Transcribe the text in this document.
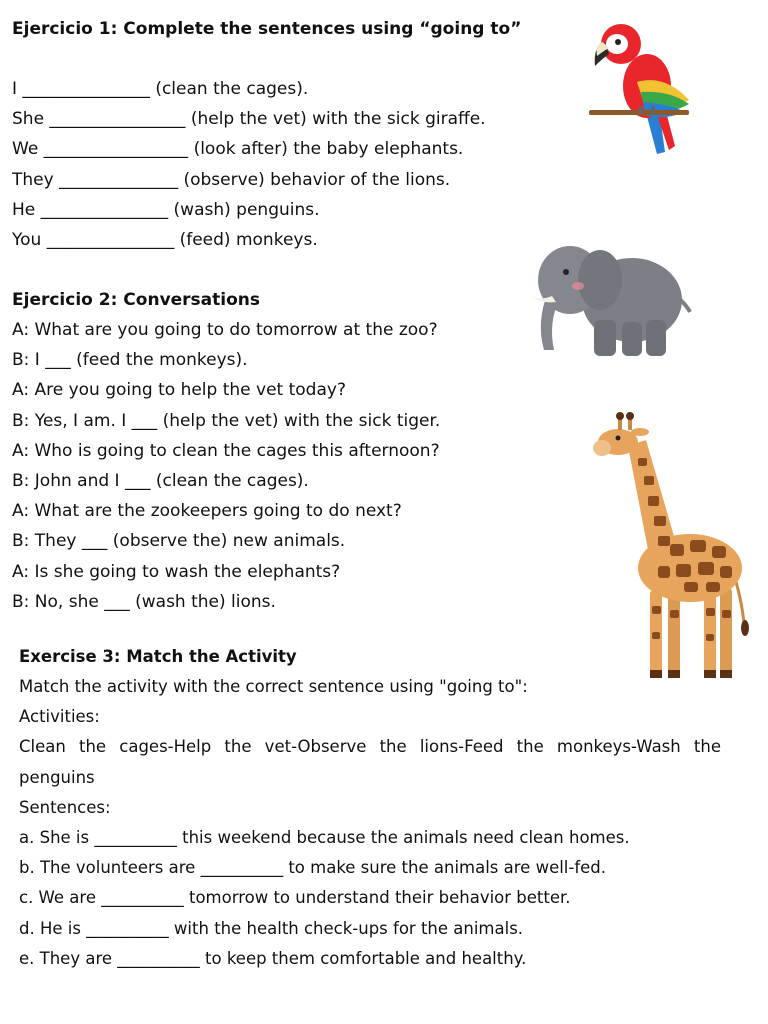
Ejercicio 1: Complete the sentences using “going to”
I _______________ (clean the cages).
She ________________ (help the vet) with the sick giraffe.
We _________________ (look after) the baby elephants.
They ______________ (observe) behavior of the lions.
He _______________ (wash) penguins.
You _______________ (feed) monkeys.
Ejercicio 2: Conversations
A: What are you going to do tomorrow at the zoo?
B: I ___ (feed the monkeys).
A: Are you going to help the vet today?
B: Yes, I am. I ___ (help the vet) with the sick tiger.
A: Who is going to clean the cages this afternoon?
B: John and I ___ (clean the cages).
A: What are the zookeepers going to do next?
B: They ___ (observe the) new animals.
A: Is she going to wash the elephants?
B: No, she ___ (wash the) lions.
Exercise 3: Match the Activity
Match the activity with the correct sentence using "going to":
Activities:
Clean the cages-Help the vet-Observe the lions-Feed the monkeys-Wash the penguins
Sentences:
a. She is __________ this weekend because the animals need clean homes.
b. The volunteers are __________ to make sure the animals are well-fed.
c. We are __________ tomorrow to understand their behavior better.
d. He is __________ with the health check-ups for the animals.
e. They are __________ to keep them comfortable and healthy.
